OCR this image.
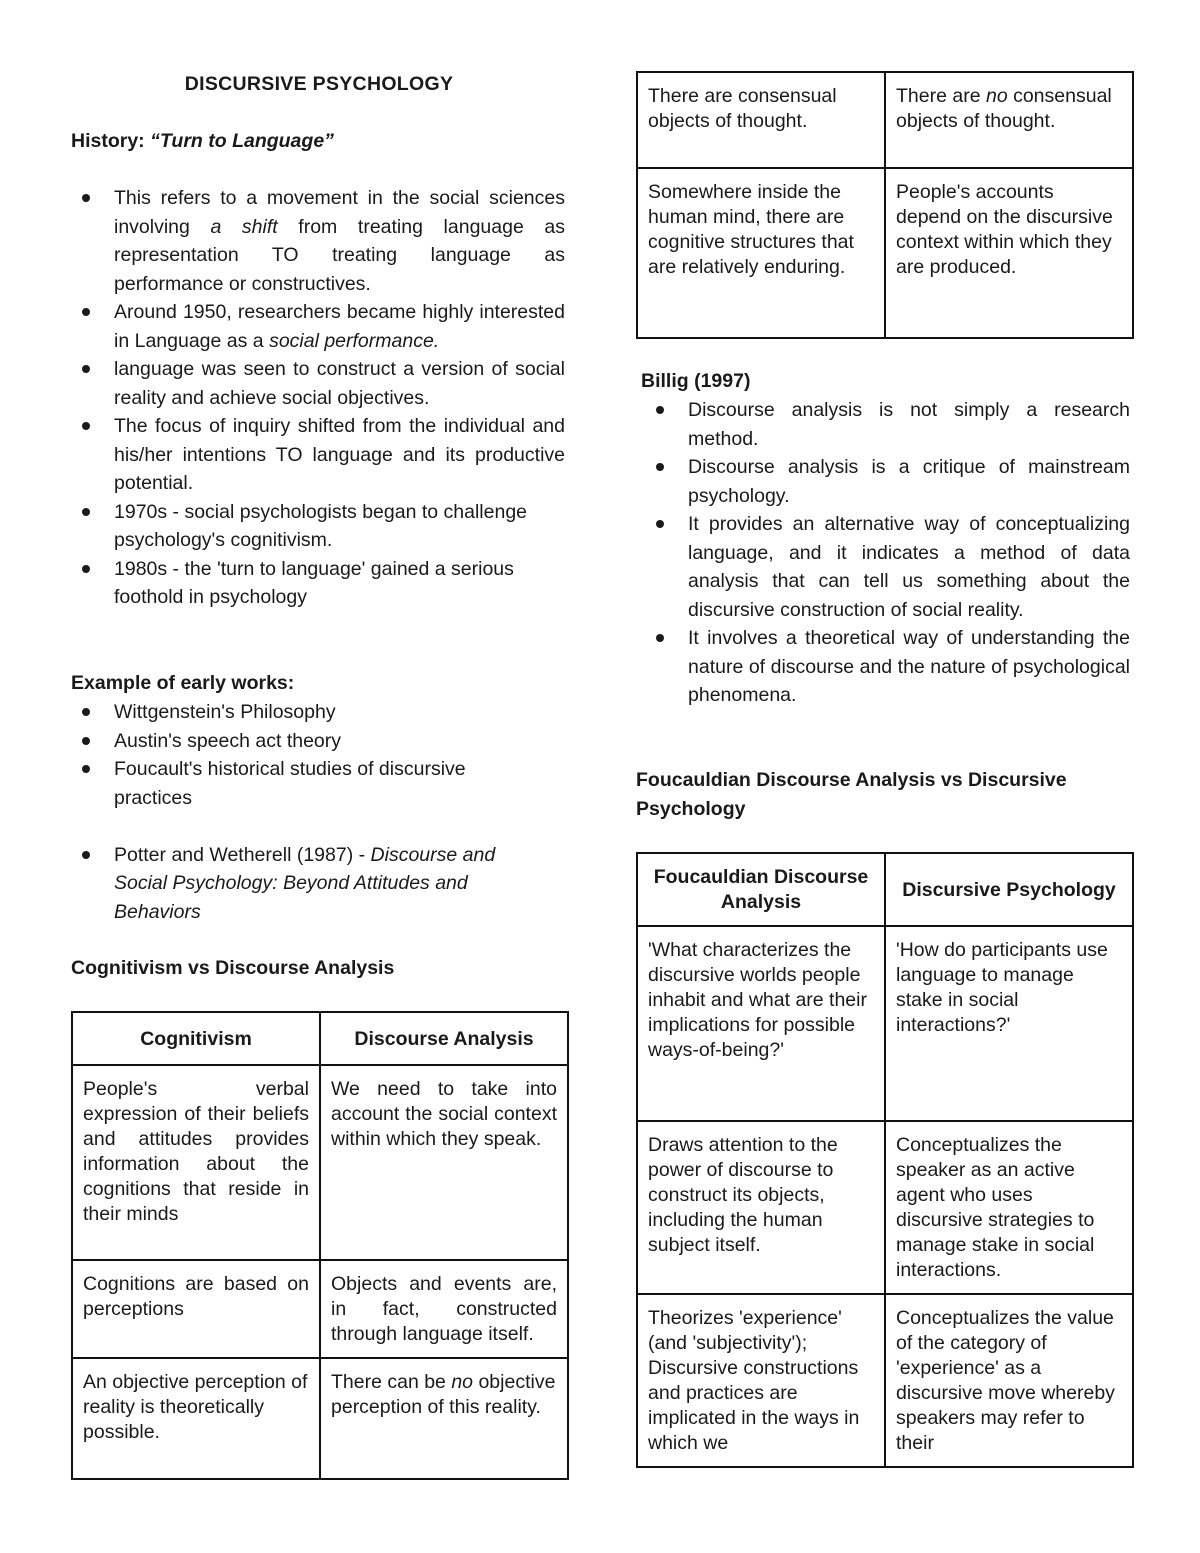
DISCURSIVE PSYCHOLOGY
History: “Turn to Language”
This refers to a movement in the social sciences involving a shift from treating language as representation TO treating language as performance or constructives.
Around 1950, researchers became highly interested in Language as a social performance.
language was seen to construct a version of social reality and achieve social objectives.
The focus of inquiry shifted from the individual and his/her intentions TO language and its productive potential.
1970s - social psychologists began to challenge psychology's cognitivism.
1980s - the 'turn to language' gained a serious foothold in psychology
Example of early works:
Wittgenstein's Philosophy
Austin's speech act theory
Foucault's historical studies of discursive practices
Potter and Wetherell (1987) - Discourse and Social Psychology: Beyond Attitudes and Behaviors
Cognitivism vs Discourse Analysis
Cognitivism	Discourse Analysis
People's verbal expression of their beliefs and attitudes provides information about the cognitions that reside in their minds	We need to take into account the social context within which they speak.
Cognitions are based on perceptions	Objects and events are, in fact, constructed through language itself.
An objective perception of reality is theoretically possible.	There can be no objective perception of this reality.
There are consensual objects of thought.	There are no consensual objects of thought.
Somewhere inside the human mind, there are cognitive structures that are relatively enduring.	People's accounts depend on the discursive context within which they are produced.
Billig (1997)
Discourse analysis is not simply a research method.
Discourse analysis is a critique of mainstream psychology.
It provides an alternative way of conceptualizing language, and it indicates a method of data analysis that can tell us something about the discursive construction of social reality.
It involves a theoretical way of understanding the nature of discourse and the nature of psychological phenomena.
Foucauldian Discourse Analysis vs Discursive Psychology
Foucauldian Discourse Analysis	Discursive Psychology
'What characterizes the discursive worlds people inhabit and what are their implications for possible ways-of-being?'	'How do participants use language to manage stake in social interactions?'
Draws attention to the power of discourse to construct its objects, including the human subject itself.	Conceptualizes the speaker as an active agent who uses discursive strategies to manage stake in social interactions.
Theorizes 'experience' (and 'subjectivity'); Discursive constructions and practices are implicated in the ways in which we	Conceptualizes the value of the category of 'experience' as a discursive move whereby speakers may refer to their
